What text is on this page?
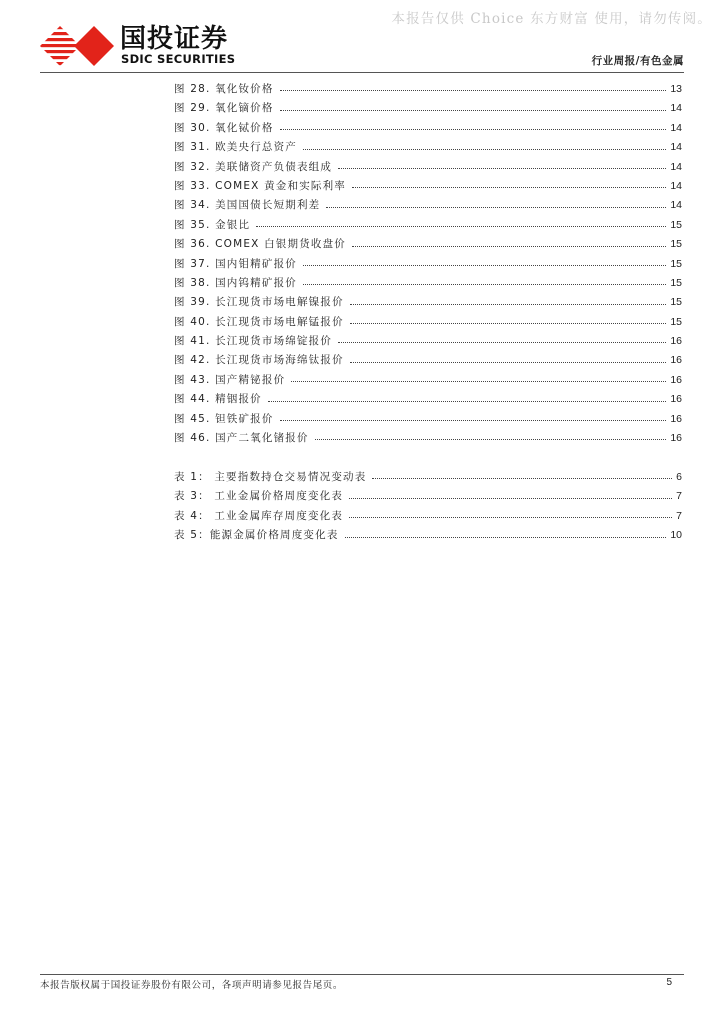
本报告仅供 Choice 东方财富 使用，请勿传阅。
国投证券
SDIC SECURITIES	行业周报/有色金属
图 28. 氧化钕价格	13
图 29. 氧化镝价格	14
图 30. 氧化铽价格	14
图 31. 欧美央行总资产	14
图 32. 美联储资产负债表组成	14
图 33. COMEX 黄金和实际利率	14
图 34. 美国国债长短期利差	14
图 35. 金银比	15
图 36. COMEX 白银期货收盘价	15
图 37. 国内钼精矿报价	15
图 38. 国内钨精矿报价	15
图 39. 长江现货市场电解镍报价	15
图 40. 长江现货市场电解锰报价	15
图 41. 长江现货市场绵锭报价	16
图 42. 长江现货市场海绵钛报价	16
图 43. 国产精铋报价	16
图 44. 精铟报价	16
图 45. 钽铁矿报价	16
图 46. 国产二氧化锗报价	16
表 1： 主要指数持仓交易情况变动表	6
表 3： 工业金属价格周度变化表	7
表 4： 工业金属库存周度变化表	7
表 5：能源金属价格周度变化表	10
本报告版权属于国投证券股份有限公司，各项声明请参见报告尾页。	5
